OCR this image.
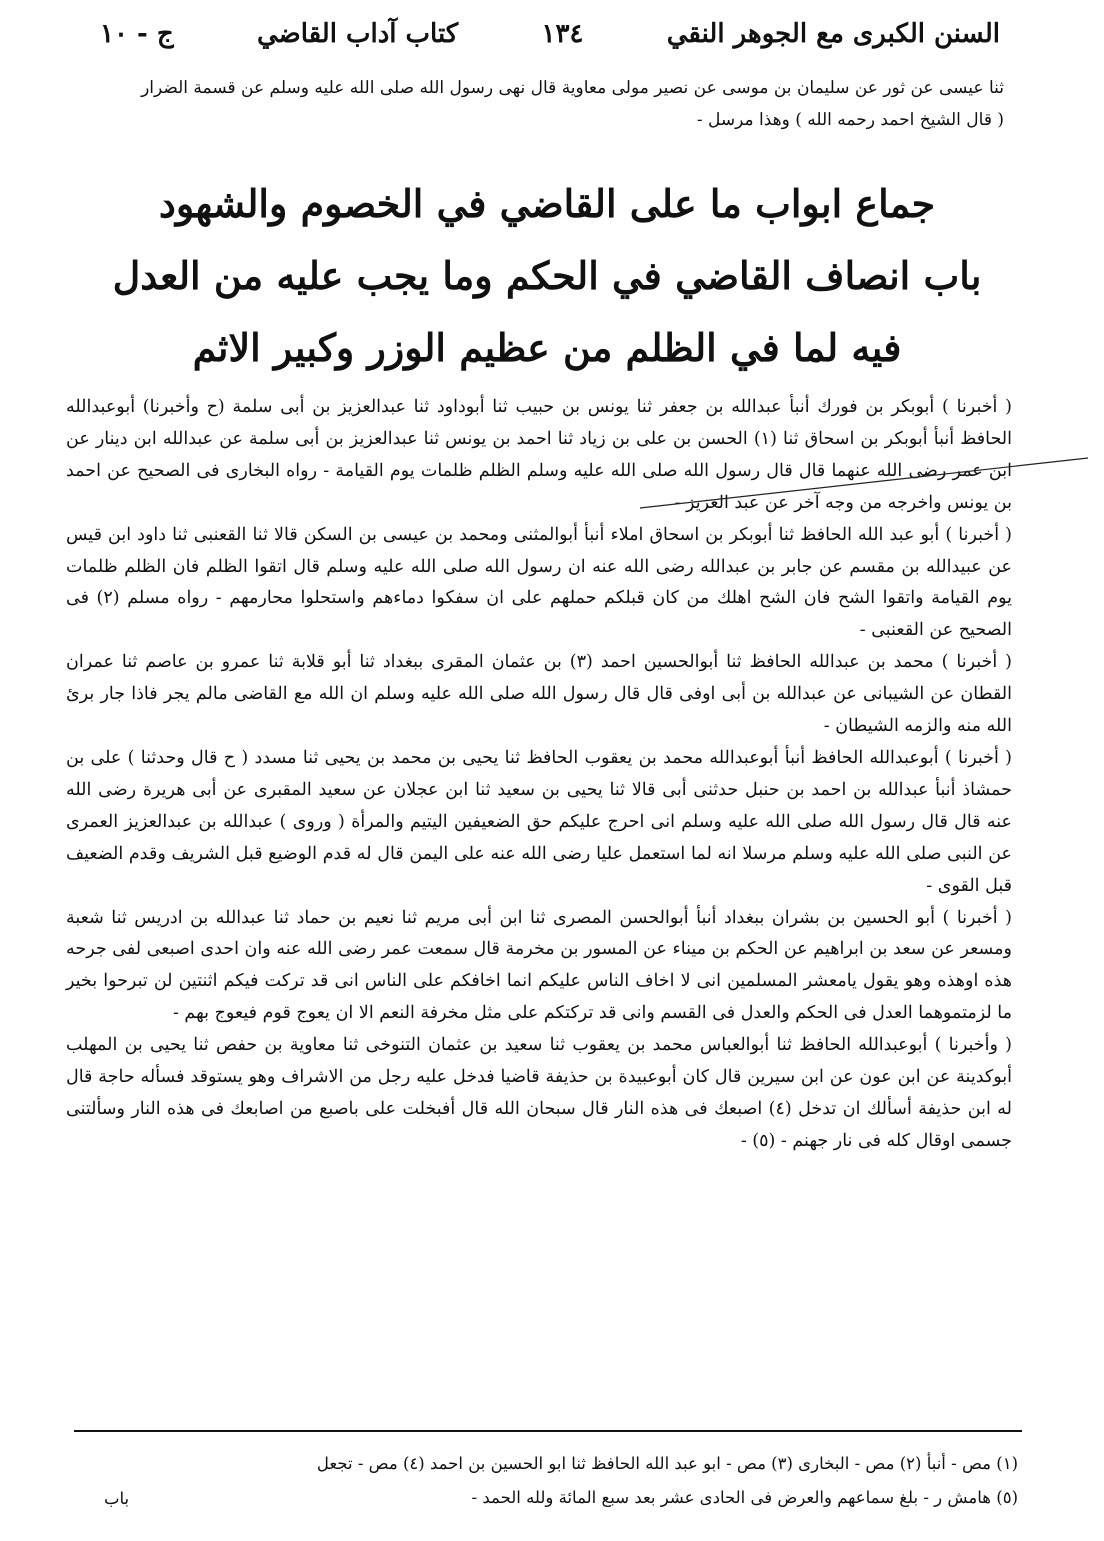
السنن الكبرى مع الجوهر النقي
١٣٤
كتاب آداب القاضي
ج - ١٠

ثنا عيسى عن ثور عن سليمان بن موسى عن نصير مولى معاوية قال نهى رسول الله صلى الله عليه وسلم عن قسمة الضرار

( قال الشيخ احمد رحمه الله ) وهذا مرسل -

جماع ابواب ما على القاضي في الخصوم والشهود
باب انصاف القاضي في الحكم وما يجب عليه من العدل
فيه لما في الظلم من عظيم الوزر وكبير الاثم

( أخبرنا ) أبوبكر بن فورك أنبأ عبدالله بن جعفر ثنا يونس بن حبيب ثنا أبوداود ثنا عبدالعزيز بن أبى سلمة (ح وأخبرنا) أبوعبدالله الحافظ أنبأ أبوبكر بن اسحاق ثنا (١) الحسن بن على بن زياد ثنا احمد بن يونس ثنا عبدالعزيز بن أبى سلمة عن عبدالله ابن دينار عن ابن عمر رضى الله عنهما قال قال رسول الله صلى الله عليه وسلم الظلم ظلمات يوم القيامة - رواه البخارى فى الصحيح عن احمد بن يونس واخرجه من وجه آخر عن عبد العزيز -

( أخبرنا ) أبو عبد الله الحافظ ثنا أبوبكر بن اسحاق املاء أنبأ أبوالمثنى ومحمد بن عيسى بن السكن قالا ثنا القعنبى ثنا داود ابن قيس عن عبيدالله بن مقسم عن جابر بن عبدالله رضى الله عنه ان رسول الله صلى الله عليه وسلم قال اتقوا الظلم فان الظلم ظلمات يوم القيامة واتقوا الشح فان الشح اهلك من كان قبلكم حملهم على ان سفكوا دماءهم واستحلوا محارمهم - رواه مسلم (٢) فى الصحيح عن القعنبى -

( أخبرنا ) محمد بن عبدالله الحافظ ثنا أبوالحسين احمد (٣) بن عثمان المقرى ببغداد ثنا أبو قلابة ثنا عمرو بن عاصم ثنا عمران القطان عن الشيبانى عن عبدالله بن أبى اوفى قال قال رسول الله صلى الله عليه وسلم ان الله مع القاضى مالم يجر فاذا جار برئ الله منه والزمه الشيطان -

( أخبرنا ) أبوعبدالله الحافظ أنبأ أبوعبدالله محمد بن يعقوب الحافظ ثنا يحيى بن محمد بن يحيى ثنا مسدد ( ح قال وحدثنا ) على بن حمشاذ أنبأ عبدالله بن احمد بن حنبل حدثنى أبى قالا ثنا يحيى بن سعيد ثنا ابن عجلان عن سعيد المقبرى عن أبى هريرة رضى الله عنه قال قال رسول الله صلى الله عليه وسلم انى احرج عليكم حق الضعيفين اليتيم والمرأة ( وروى ) عبدالله بن عبدالعزيز العمرى عن النبى صلى الله عليه وسلم مرسلا انه لما استعمل عليا رضى الله عنه على اليمن قال له قدم الوضيع قبل الشريف وقدم الضعيف قبل القوى -

( أخبرنا ) أبو الحسين بن بشران ببغداد أنبأ أبوالحسن المصرى ثنا ابن أبى مريم ثنا نعيم بن حماد ثنا عبدالله بن ادريس ثنا شعبة ومسعر عن سعد بن ابراهيم عن الحكم بن ميناء عن المسور بن مخرمة قال سمعت عمر رضى الله عنه وان احدى اصبعى لفى جرحه هذه اوهذه وهو يقول يامعشر المسلمين انى لا اخاف الناس عليكم انما اخافكم على الناس انى قد تركت فيكم اثنتين لن تبرحوا بخير ما لزمتموهما العدل فى الحكم والعدل فى القسم وانى قد تركتكم على مثل مخرفة النعم الا ان يعوج قوم فيعوج بهم -

( وأخبرنا ) أبوعبدالله الحافظ ثنا أبوالعباس محمد بن يعقوب ثنا سعيد بن عثمان التنوخى ثنا معاوية بن حفص ثنا يحيى بن المهلب أبوكدينة عن ابن عون عن ابن سيرين قال كان أبوعبيدة بن حذيفة قاضيا فدخل عليه رجل من الاشراف وهو يستوقد فسأله حاجة قال له ابن حذيفة أسألك ان تدخل (٤) اصبعك فى هذه النار قال سبحان الله قال أفبخلت على باصبع من اصابعك فى هذه النار وسألتنى جسمى اوقال كله فى نار جهنم - (٥) -

(١) مص - أنبأ (٢) مص - البخارى (٣) مص - ابو عبد الله الحافظ ثنا ابو الحسين بن احمد (٤) مص - تجعل

(٥) هامش ر - بلغ سماعهم والعرض فى الحادى عشر بعد سبع المائة ولله الحمد -

باب
